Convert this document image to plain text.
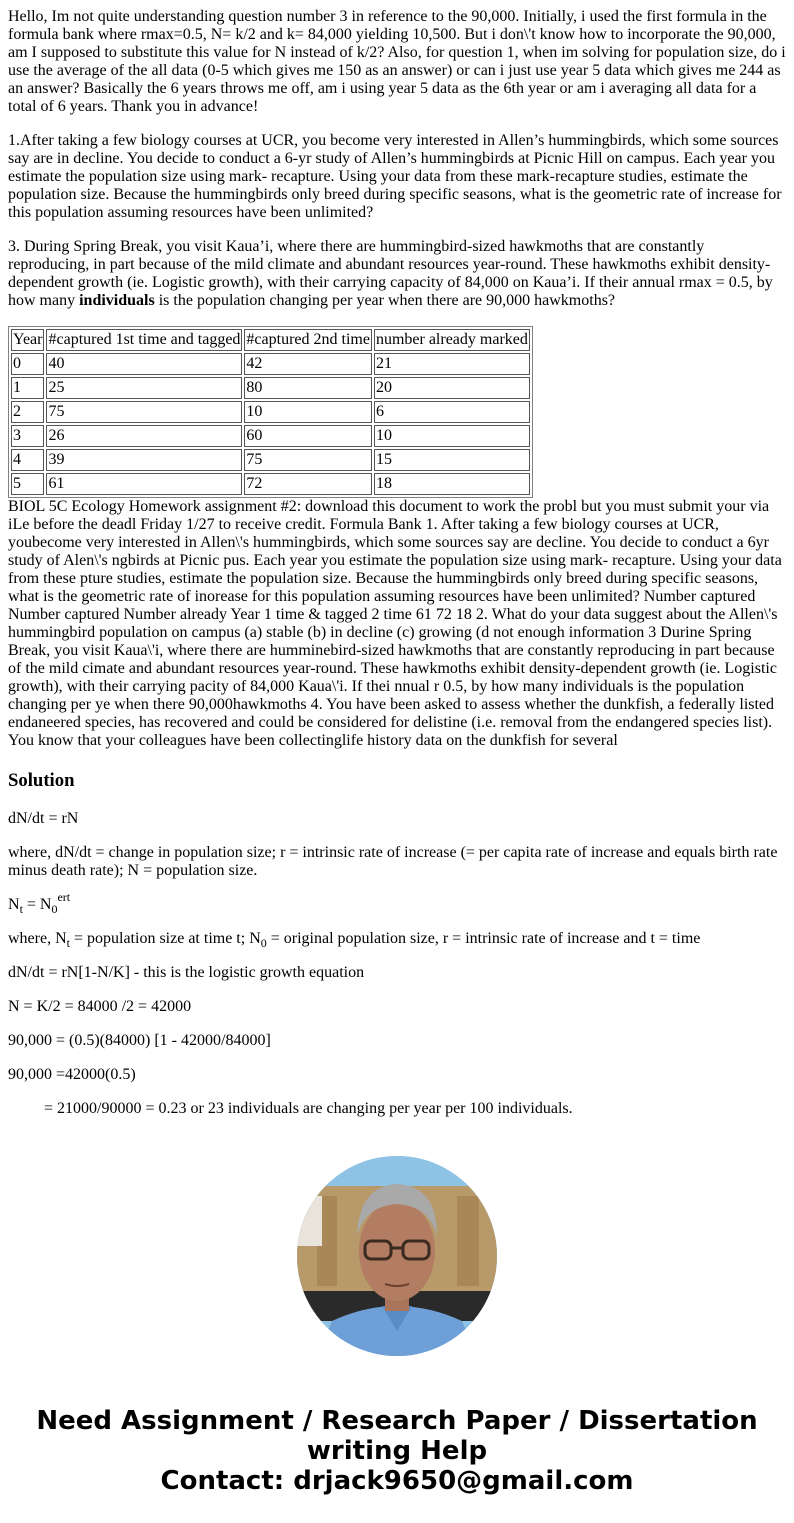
Hello, Im not quite understanding question number 3 in reference to the 90,000. Initially, i used the first formula in the formula bank where rmax=0.5, N= k/2 and k= 84,000 yielding 10,500. But i don\'t know how to incorporate the 90,000, am I supposed to substitute this value for N instead of k/2? Also, for question 1, when im solving for population size, do i use the average of the all data (0-5 which gives me 150 as an answer) or can i just use year 5 data which gives me 244 as an answer? Basically the 6 years throws me off, am i using year 5 data as the 6th year or am i averaging all data for a total of 6 years. Thank you in advance!

1.After taking a few biology courses at UCR, you become very interested in Allen’s hummingbirds, which some sources say are in decline. You decide to conduct a 6-yr study of Allen’s hummingbirds at Picnic Hill on campus. Each year you estimate the population size using mark- recapture. Using your data from these mark-recapture studies, estimate the population size. Because the hummingbirds only breed during specific seasons, what is the geometric rate of increase for this population assuming resources have been unlimited?

3. During Spring Break, you visit Kaua’i, where there are hummingbird-sized hawkmoths that are constantly reproducing, in part because of the mild climate and abundant resources year-round. These hawkmoths exhibit density-dependent growth (ie. Logistic growth), with their carrying capacity of 84,000 on Kaua’i. If their annual rmax = 0.5, by how many individuals is the population changing per year when there are 90,000 hawkmoths?

Year	#captured 1st time and tagged	#captured 2nd time	number already marked
0	40	42	21
1	25	80	20
2	75	10	6
3	26	60	10
4	39	75	15
5	61	72	18
BIOL 5C Ecology Homework assignment #2: download this document to work the probl but you must submit your via iLe before the deadl Friday 1/27 to receive credit. Formula Bank 1. After taking a few biology courses at UCR, youbecome very interested in Allen\'s hummingbirds, which some sources say are decline. You decide to conduct a 6yr study of Alen\'s ngbirds at Picnic pus. Each year you estimate the population size using mark- recapture. Using your data from these pture studies, estimate the population size. Because the hummingbirds only breed during specific seasons, what is the geometric rate of inorease for this population assuming resources have been unlimited? Number captured Number captured Number already Year 1 time & tagged 2 time 61 72 18 2. What do your data suggest about the Allen\'s hummingbird population on campus (a) stable (b) in decline (c) growing (d not enough information 3 Durine Spring Break, you visit Kaua\'i, where there are humminebird-sized hawkmoths that are constantly reproducing in part because of the mild cimate and abundant resources year-round. These hawkmoths exhibit density-dependent growth (ie. Logistic growth), with their carrying pacity of 84,000 Kaua\'i. If thei nnual r 0.5, by how many individuals is the population changing per ye when there 90,000hawkmoths 4. You have been asked to assess whether the dunkfish, a federally listed endaneered species, has recovered and could be considered for delistine (i.e. removal from the endangered species list). You know that your colleagues have been collectinglife history data on the dunkfish for several
Solution

dN/dt = rN

where, dN/dt = change in population size; r = intrinsic rate of increase (= per capita rate of increase and equals birth rate minus death rate); N = population size.

$N_t = N_0^{ert}$

where, $N_t$ = population size at time t; $N_0$ = original population size, r = intrinsic rate of increase and t = time

dN/dt = rN[1-N/K] - this is the logistic growth equation

N = K/2 = 84000 /2 = 42000

90,000 = (0.5)(84000) [1 - 42000/84000]

90,000 =42000(0.5)

= 21000/90000 = 0.23 or 23 individuals are changing per year per 100 individuals.

Need Assignment / Research Paper / Dissertation writing Help
Contact: drjack9650@gmail.com
